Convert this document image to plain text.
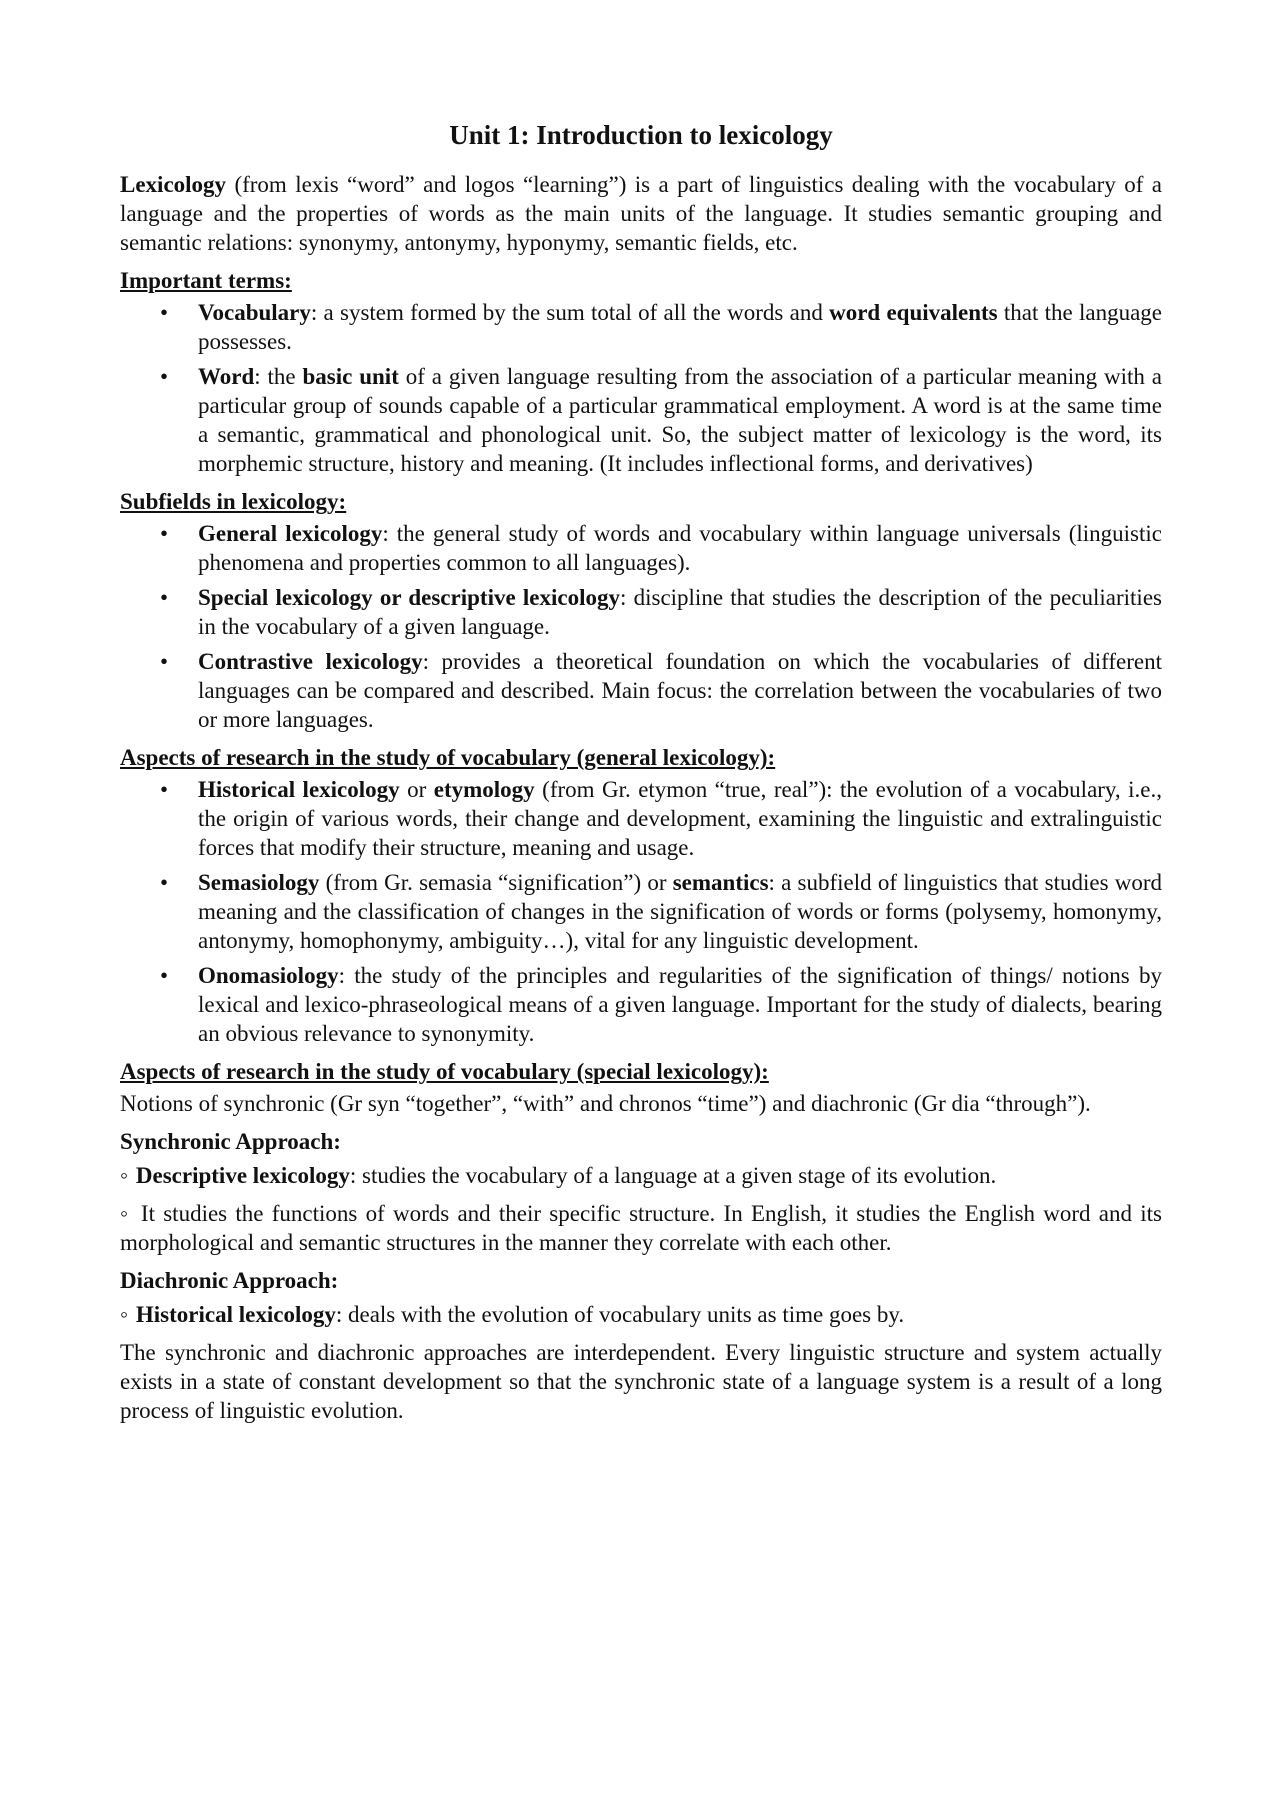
Unit 1: Introduction to lexicology

Lexicology (from lexis “word” and logos “learning”) is a part of linguistics dealing with the vocabulary of a language and the properties of words as the main units of the language. It studies semantic grouping and semantic relations: synonymy, antonymy, hyponymy, semantic fields, etc.

Important terms:
• Vocabulary: a system formed by the sum total of all the words and word equivalents that the language possesses.
• Word: the basic unit of a given language resulting from the association of a particular meaning with a particular group of sounds capable of a particular grammatical employment. A word is at the same time a semantic, grammatical and phonological unit. So, the subject matter of lexicology is the word, its morphemic structure, history and meaning. (It includes inflectional forms, and derivatives)
Subfields in lexicology:
• General lexicology: the general study of words and vocabulary within language universals (linguistic phenomena and properties common to all languages).
• Special lexicology or descriptive lexicology: discipline that studies the description of the peculiarities in the vocabulary of a given language.
• Contrastive lexicology: provides a theoretical foundation on which the vocabularies of different languages can be compared and described. Main focus: the correlation between the vocabularies of two or more languages.
Aspects of research in the study of vocabulary (general lexicology):
• Historical lexicology or etymology (from Gr. etymon “true, real”): the evolution of a vocabulary, i.e., the origin of various words, their change and development, examining the linguistic and extralinguistic forces that modify their structure, meaning and usage.
• Semasiology (from Gr. semasia “signification”) or semantics: a subfield of linguistics that studies word meaning and the classification of changes in the signification of words or forms (polysemy, homonymy, antonymy, homophonymy, ambiguity…), vital for any linguistic development.
• Onomasiology: the study of the principles and regularities of the signification of things/ notions by lexical and lexico-phraseological means of a given language. Important for the study of dialects, bearing an obvious relevance to synonymity.
Aspects of research in the study of vocabulary (special lexicology):

Notions of synchronic (Gr syn “together”, “with” and chronos “time”) and diachronic (Gr dia “through”).

Synchronic Approach:

◦ Descriptive lexicology: studies the vocabulary of a language at a given stage of its evolution.

◦ It studies the functions of words and their specific structure. In English, it studies the English word and its morphological and semantic structures in the manner they correlate with each other.

Diachronic Approach:

◦ Historical lexicology: deals with the evolution of vocabulary units as time goes by.

The synchronic and diachronic approaches are interdependent. Every linguistic structure and system actually exists in a state of constant development so that the synchronic state of a language system is a result of a long process of linguistic evolution.
